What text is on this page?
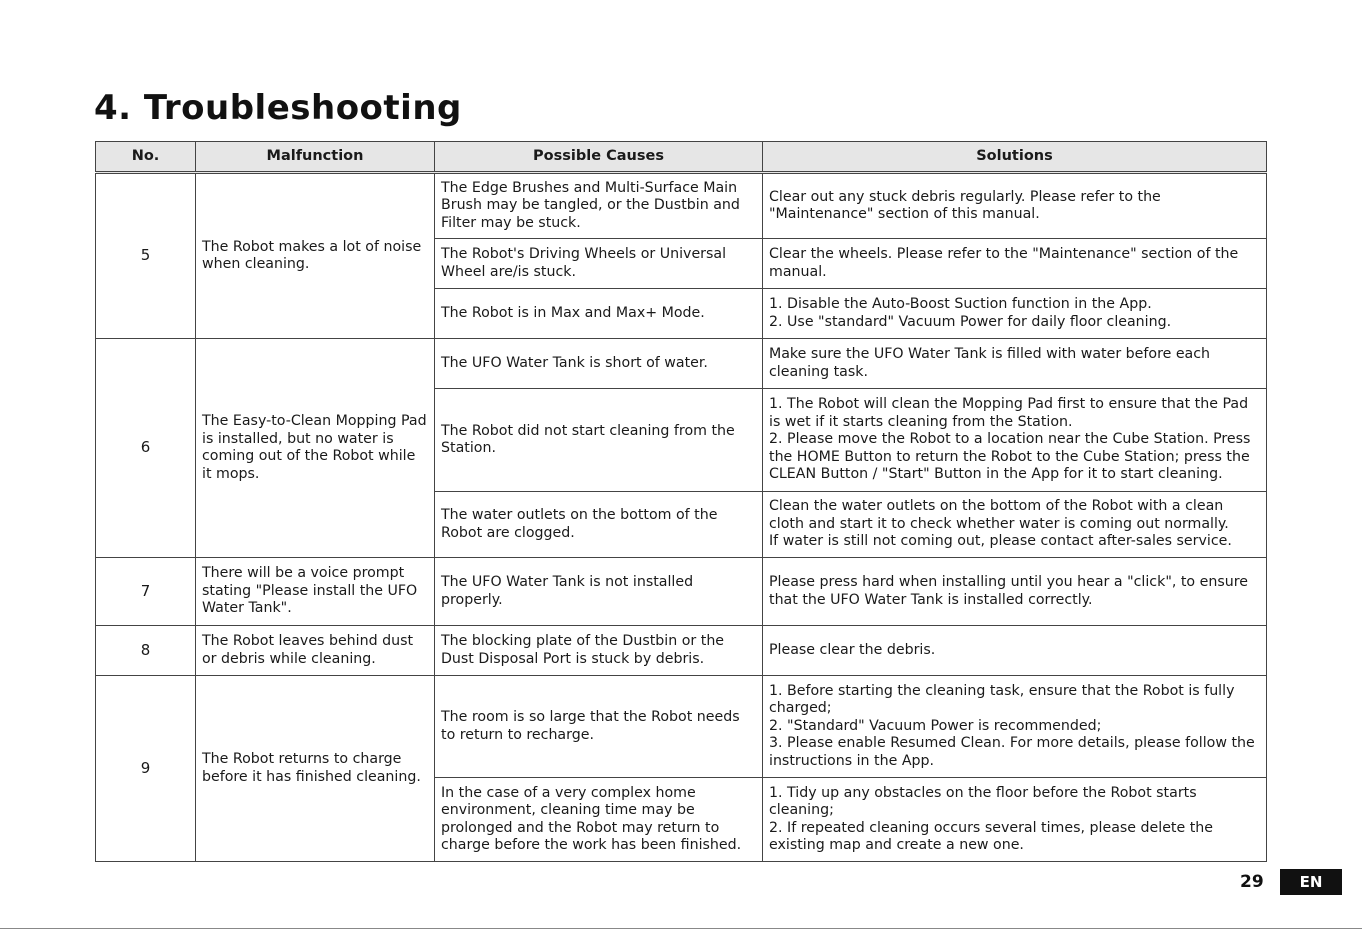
4. Troubleshooting
No.	Malfunction	Possible Causes	Solutions
5	The Robot makes a lot of noise when cleaning.	The Edge Brushes and Multi-Surface Main Brush may be tangled, or the Dustbin and Filter may be stuck.	Clear out any stuck debris regularly. Please refer to the "Maintenance" section of this manual.

		The Robot's Driving Wheels or Universal Wheel are/is stuck.	Clear the wheels. Please refer to the "Maintenance" section of the manual.

		The Robot is in Max and Max+ Mode.	1. Disable the Auto-Boost Suction function in the App.
2. Use "standard" Vacuum Power for daily floor cleaning.

6	The Easy-to-Clean Mopping Pad is installed, but no water is coming out of the Robot while it mops.	The UFO Water Tank is short of water.	Make sure the UFO Water Tank is filled with water before each cleaning task.

		The Robot did not start cleaning from the Station.	1. The Robot will clean the Mopping Pad first to ensure that the Pad is wet if it starts cleaning from the Station.
2. Please move the Robot to a location near the Cube Station. Press the HOME Button to return the Robot to the Cube Station; press the CLEAN Button / "Start" Button in the App for it to start cleaning.

		The water outlets on the bottom of the Robot are clogged.	Clean the water outlets on the bottom of the Robot with a clean cloth and start it to check whether water is coming out normally.
If water is still not coming out, please contact after-sales service.

7	There will be a voice prompt stating "Please install the UFO Water Tank".	The UFO Water Tank is not installed properly.	Please press hard when installing until you hear a "click", to ensure that the UFO Water Tank is installed correctly.

8	The Robot leaves behind dust or debris while cleaning.	The blocking plate of the Dustbin or the Dust Disposal Port is stuck by debris.	Please clear the debris.

9	The Robot returns to charge before it has finished cleaning.	The room is so large that the Robot needs to return to recharge.	1. Before starting the cleaning task, ensure that the Robot is fully charged;
2. "Standard" Vacuum Power is recommended;
3. Please enable Resumed Clean. For more details, please follow the instructions in the App.

		In the case of a very complex home environment, cleaning time may be prolonged and the Robot may return to charge before the work has been finished.	1. Tidy up any obstacles on the floor before the Robot starts cleaning;
2. If repeated cleaning occurs several times, please delete the existing map and create a new one.
29	EN
